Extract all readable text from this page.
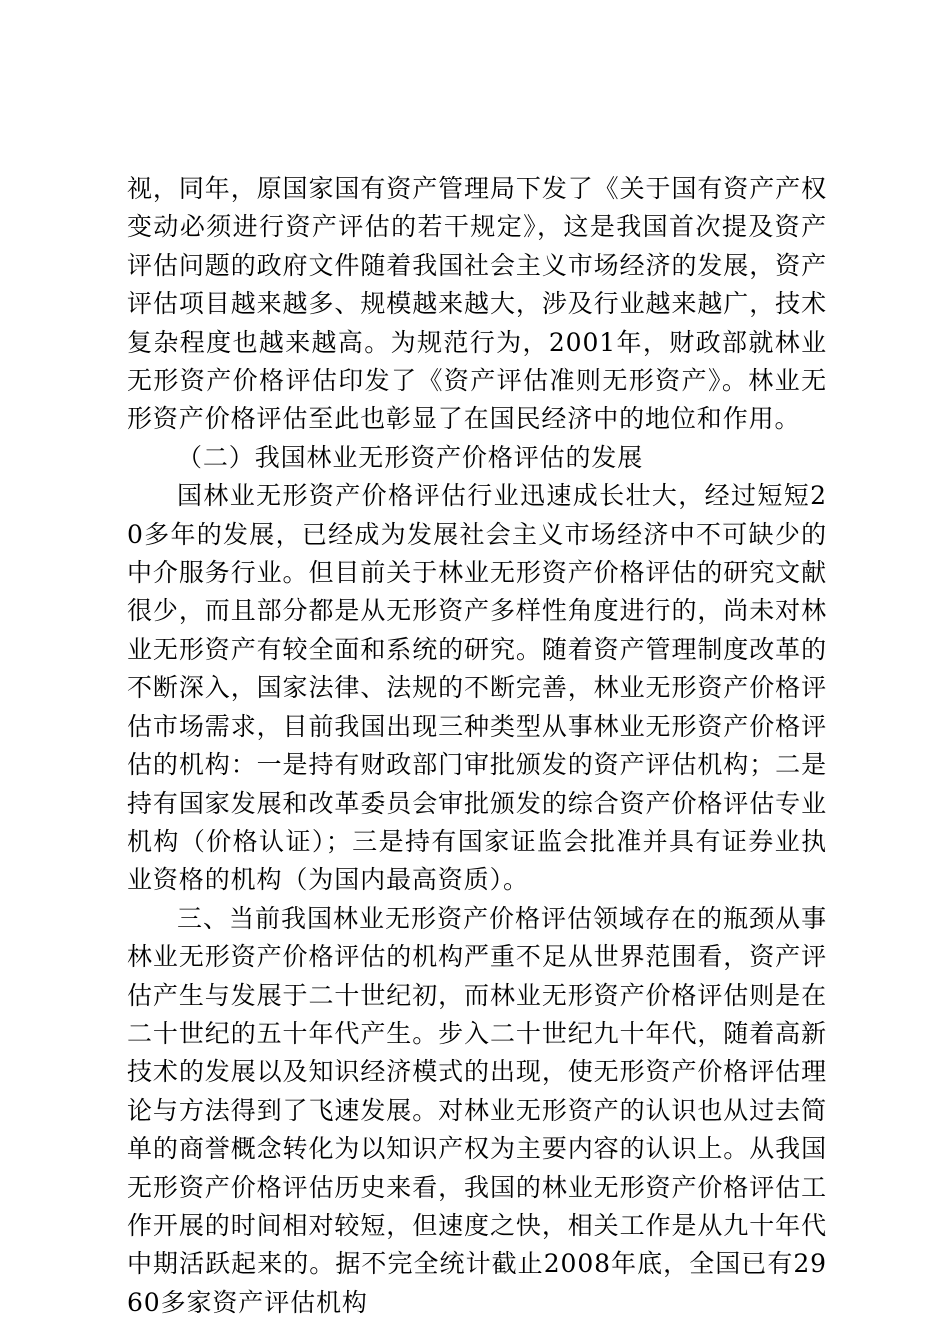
视，同年，原国家国有资产管理局下发了《关于国有资产产权变动必须进行资产评估的若干规定》，这是我国首次提及资产评估问题的政府文件随着我国社会主义市场经济的发展，资产评估项目越来越多、规模越来越大，涉及行业越来越广，技术复杂程度也越来越高。为规范行为，2001年，财政部就林业无形资产价格评估印发了《资产评估准则无形资产》。林业无形资产价格评估至此也彰显了在国民经济中的地位和作用。

（二）我国林业无形资产价格评估的发展

国林业无形资产价格评估行业迅速成长壮大，经过短短20多年的发展，已经成为发展社会主义市场经济中不可缺少的中介服务行业。但目前关于林业无形资产价格评估的研究文献很少，而且部分都是从无形资产多样性角度进行的，尚未对林业无形资产有较全面和系统的研究。随着资产管理制度改革的不断深入，国家法律、法规的不断完善，林业无形资产价格评估市场需求，目前我国出现三种类型从事林业无形资产价格评估的机构：一是持有财政部门审批颁发的资产评估机构；二是持有国家发展和改革委员会审批颁发的综合资产价格评估专业机构（价格认证）；三是持有国家证监会批准并具有证券业执业资格的机构（为国内最高资质）。

三、当前我国林业无形资产价格评估领域存在的瓶颈从事林业无形资产价格评估的机构严重不足从世界范围看，资产评估产生与发展于二十世纪初，而林业无形资产价格评估则是在二十世纪的五十年代产生。步入二十世纪九十年代，随着高新技术的发展以及知识经济模式的出现，使无形资产价格评估理论与方法得到了飞速发展。对林业无形资产的认识也从过去简单的商誉概念转化为以知识产权为主要内容的认识上。从我国无形资产价格评估历史来看，我国的林业无形资产价格评估工作开展的时间相对较短，但速度之快，相关工作是从九十年代中期活跃起来的。据不完全统计截止2008年底，全国已有2960多家资产评估机构
